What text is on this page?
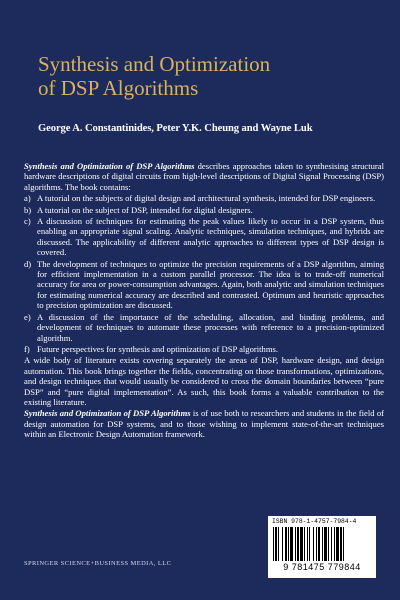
Synthesis and Optimization
of DSP Algorithms
George A. Constantinides, Peter Y.K. Cheung and Wayne Luk

Synthesis and Optimization of DSP Algorithms describes approaches taken to synthesising structural hardware descriptions of digital circuits from high-level descriptions of Digital Signal Processing (DSP) algorithms. The book contains:

a) A tutorial on the subjects of digital design and architectural synthesis, intended for DSP engineers.
b) A tutorial on the subject of DSP, intended for digital designers.
c) A discussion of techniques for estimating the peak values likely to occur in a DSP system, thus enabling an appropriate signal scaling. Analytic techniques, simulation techniques, and hybrids are discussed. The applicability of different analytic approaches to different types of DSP design is covered.
d) The development of techniques to optimize the precision requirements of a DSP algorithm, aiming for efficient implementation in a custom parallel processor. The idea is to trade-off numerical accuracy for area or power-consumption advantages. Again, both analytic and simulation techniques for estimating numerical accuracy are described and contrasted. Optimum and heuristic approaches to precision optimization are discussed.
e) A discussion of the importance of the scheduling, allocation, and binding problems, and development of techniques to automate these processes with reference to a precision-optimized algorithm.
f) Future perspectives for synthesis and optimization of DSP algorithms.

A wide body of literature exists covering separately the areas of DSP, hardware design, and design automation. This book brings together the fields, concentrating on those transformations, optimizations, and design techniques that would usually be considered to cross the domain boundaries between “pure DSP” and “pure digital implementation”. As such, this book forms a valuable contribution to the existing literature.

Synthesis and Optimization of DSP Algorithms is of use both to researchers and students in the field of design automation for DSP systems, and to those wishing to implement state-of-the-art techniques within an Electronic Design Automation framework.

ISBN 978-1-4757-7984-4
9 781475 779844
SPRINGER SCIENCE+BUSINESS MEDIA, LLC
